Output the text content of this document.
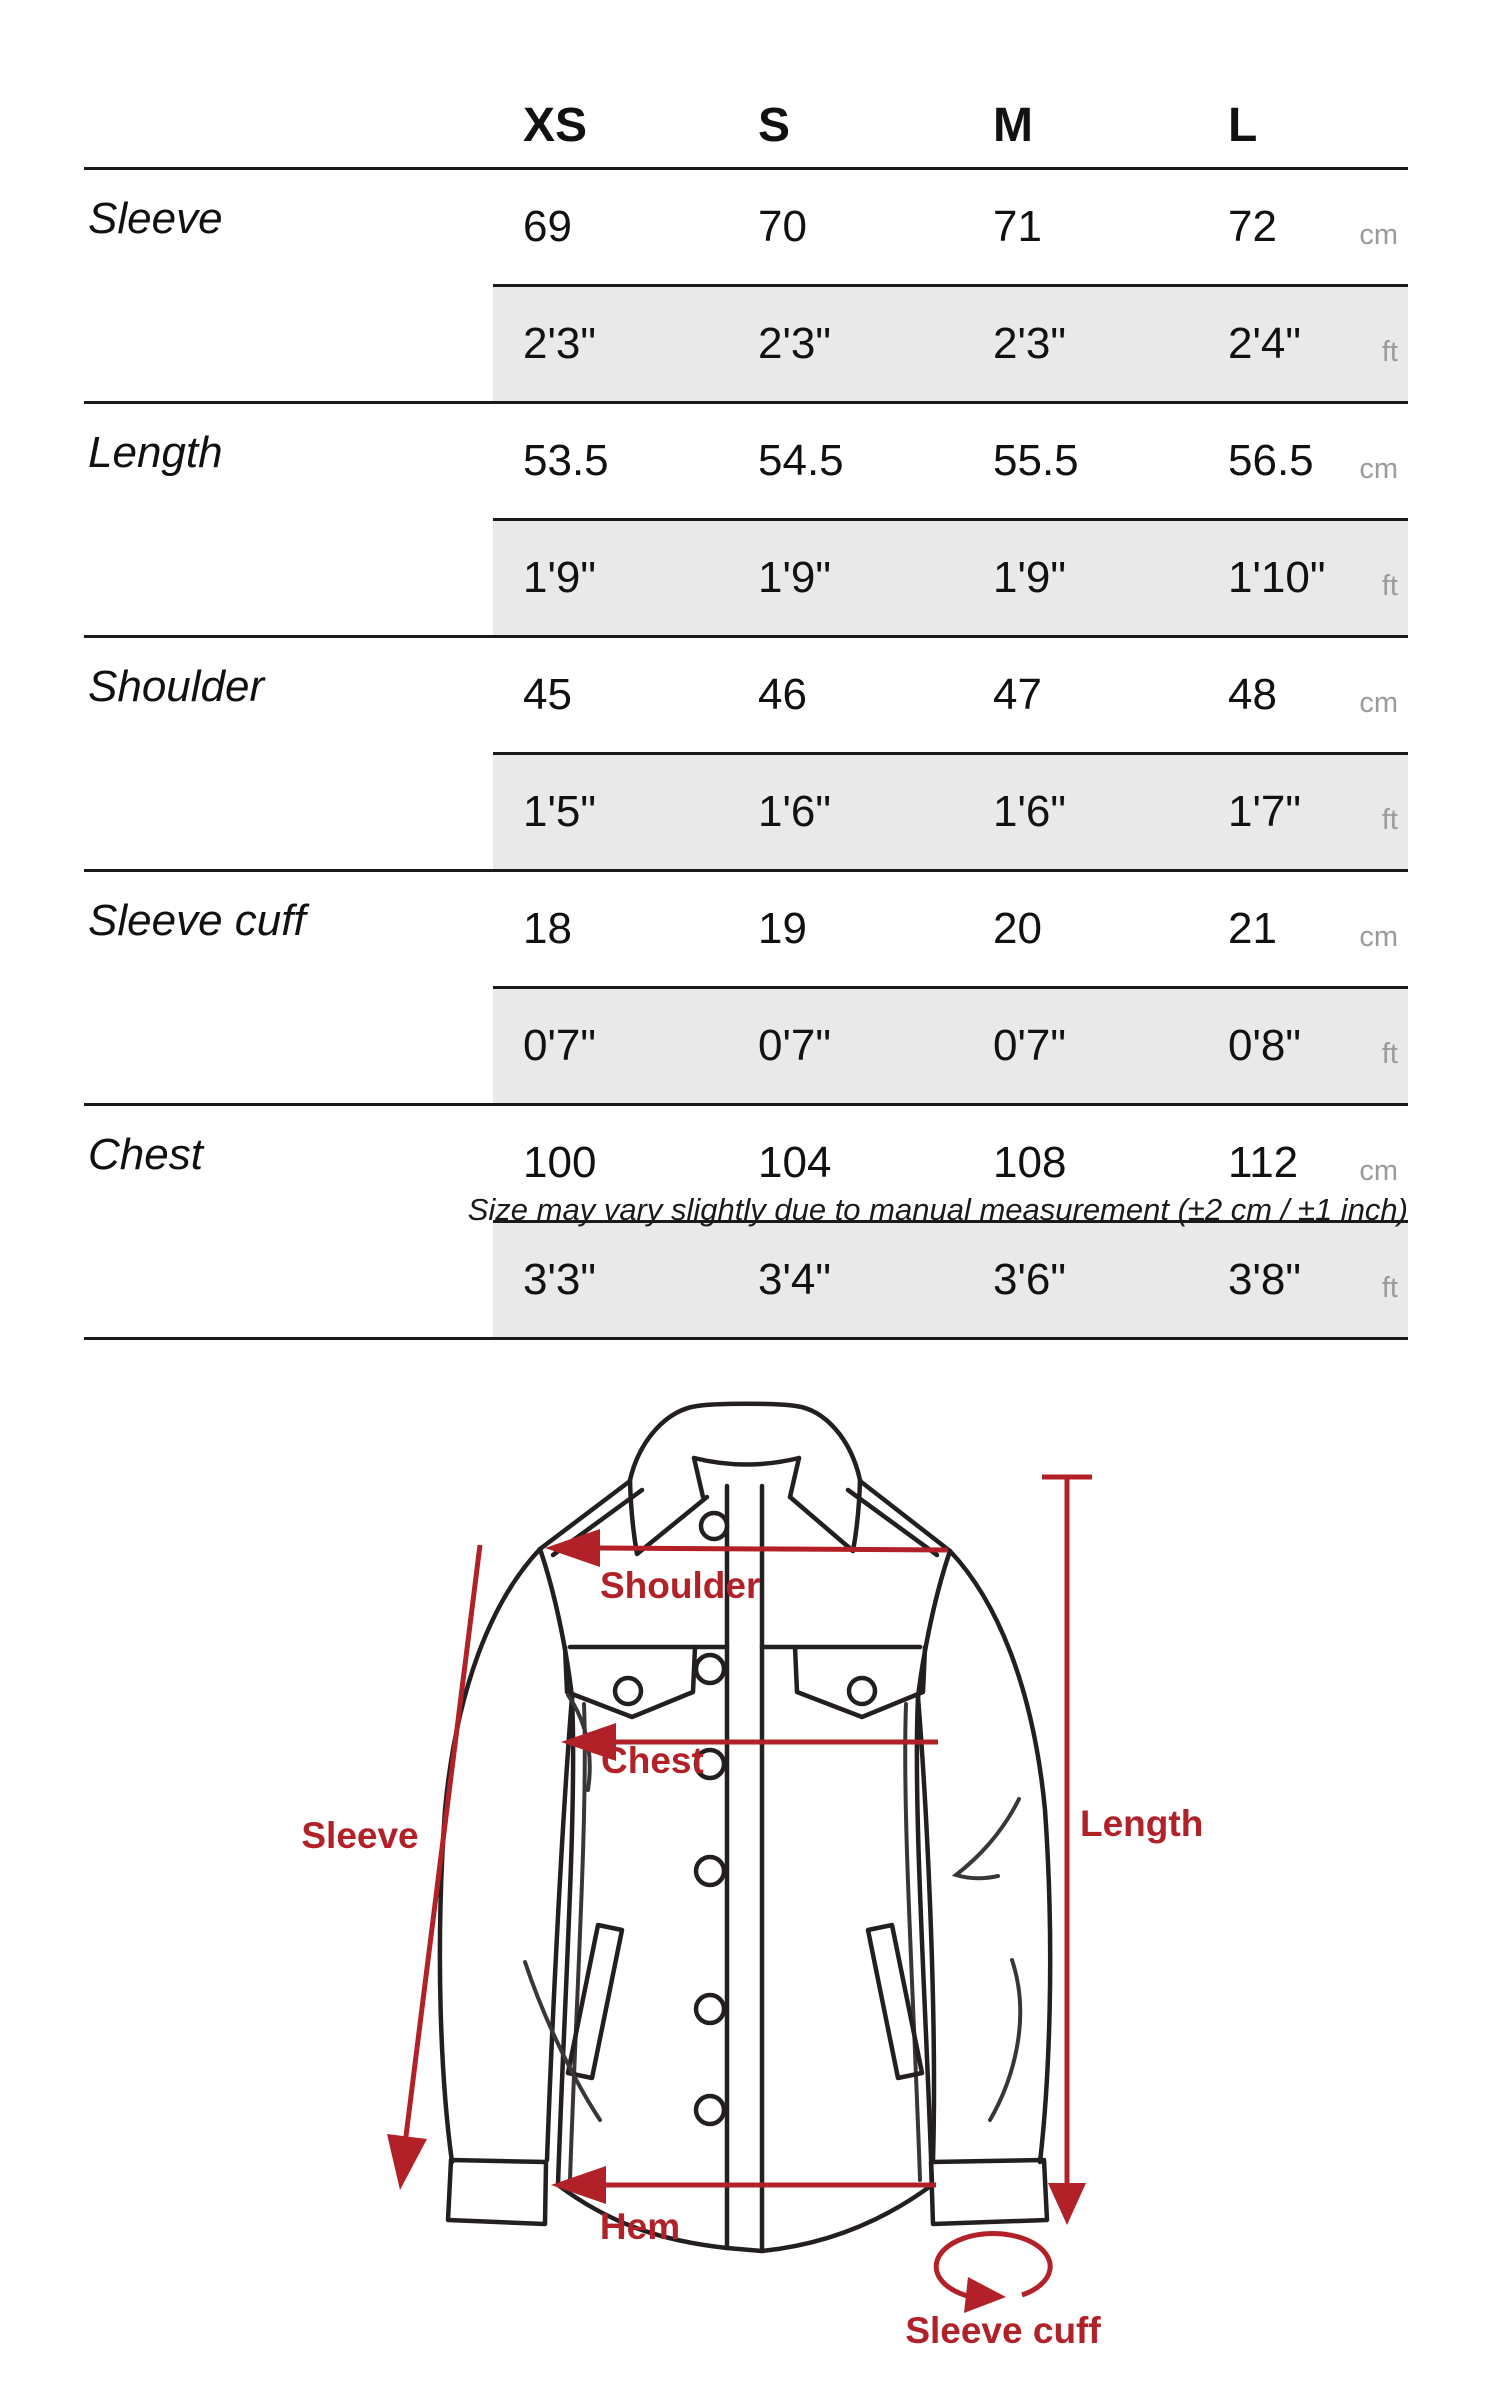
	XS	S	M	L	
Sleeve	69	70	71	72	cm
	2'3"	2'3"	2'3"	2'4"	ft
Length	53.5	54.5	55.5	56.5	cm
	1'9"	1'9"	1'9"	1'10"	ft
Shoulder	45	46	47	48	cm
	1'5"	1'6"	1'6"	1'7"	ft
Sleeve cuff	18	19	20	21	cm
	0'7"	0'7"	0'7"	0'8"	ft
Chest	100	104	108	112	cm
	3'3"	3'4"	3'6"	3'8"	ft
Size may vary slightly due to manual measurement (±2 cm / ±1 inch)
Shoulder
Chest
Sleeve	Length
Hem
Sleeve cuff
